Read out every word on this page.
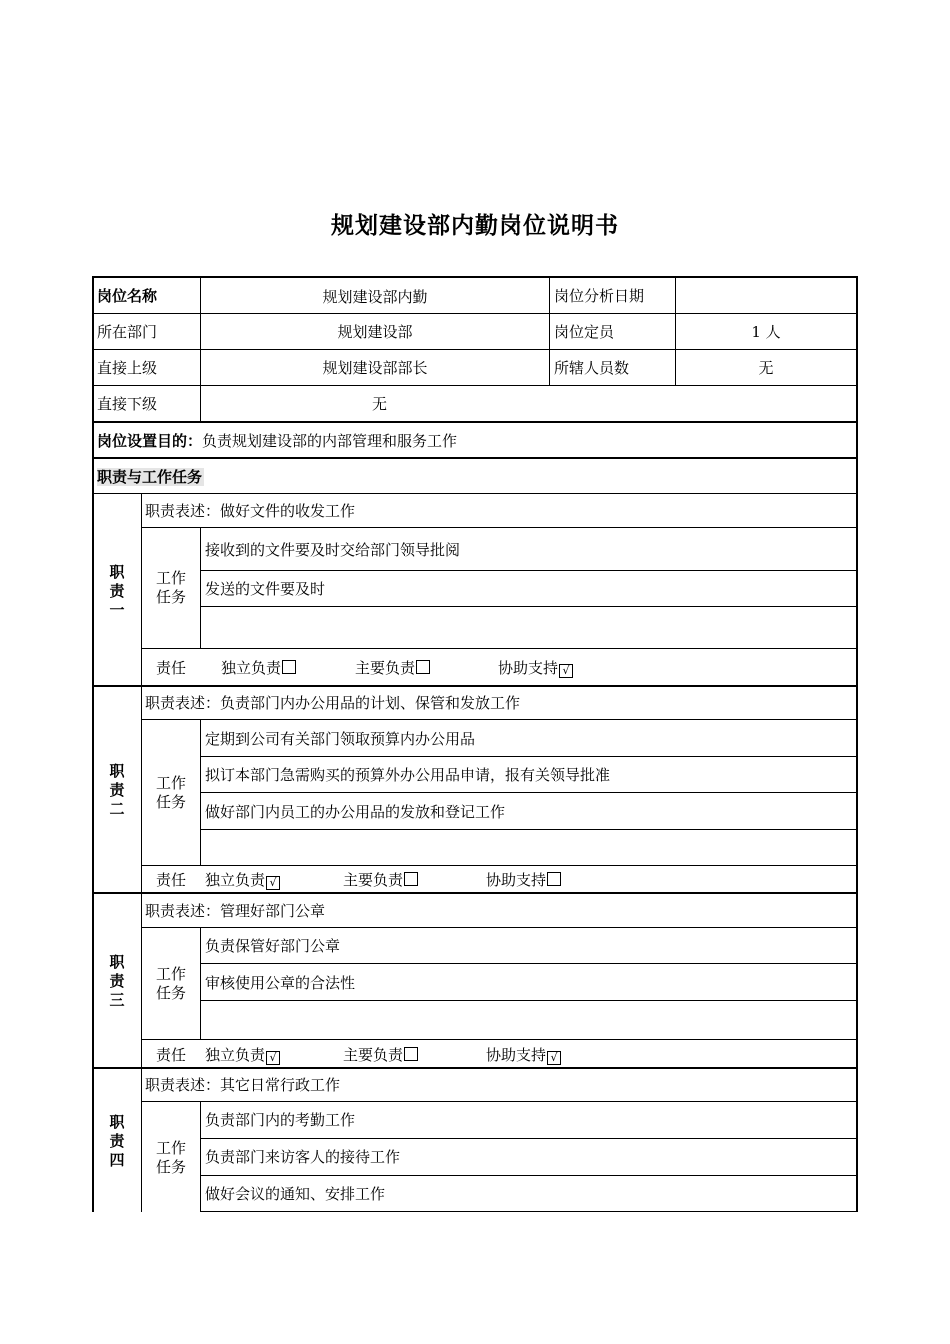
规划建设部内勤岗位说明书
岗位名称	规划建设部内勤	岗位分析日期
所在部门	规划建设部	岗位定员	1 人
直接上级	规划建设部部长	所辖人员数	无
直接下级	无
岗位设置目的：负责规划建设部的内部管理和服务工作
职责与工作任务
职
责
一
职责表述：做好文件的收发工作
工作
任务
接收到的文件要及时交给部门领导批阅
发送的文件要及时
责任 独立负责	主要负责	协助支持 √
职
责
二
职责表述：负责部门内办公用品的计划、保管和发放工作
工作
任务
定期到公司有关部门领取预算内办公用品
拟订本部门急需购买的预算外办公用品申请，报有关领导批准
做好部门内员工的办公用品的发放和登记工作
责任 独立负责 √	主要负责	协助支持
职
责
三
职责表述：管理好部门公章
工作
任务
负责保管好部门公章
审核使用公章的合法性
责任 独立负责 √	主要负责	协助支持 √
职
责
四
职责表述：其它日常行政工作
工作
任务
负责部门内的考勤工作
负责部门来访客人的接待工作
做好会议的通知、安排工作
